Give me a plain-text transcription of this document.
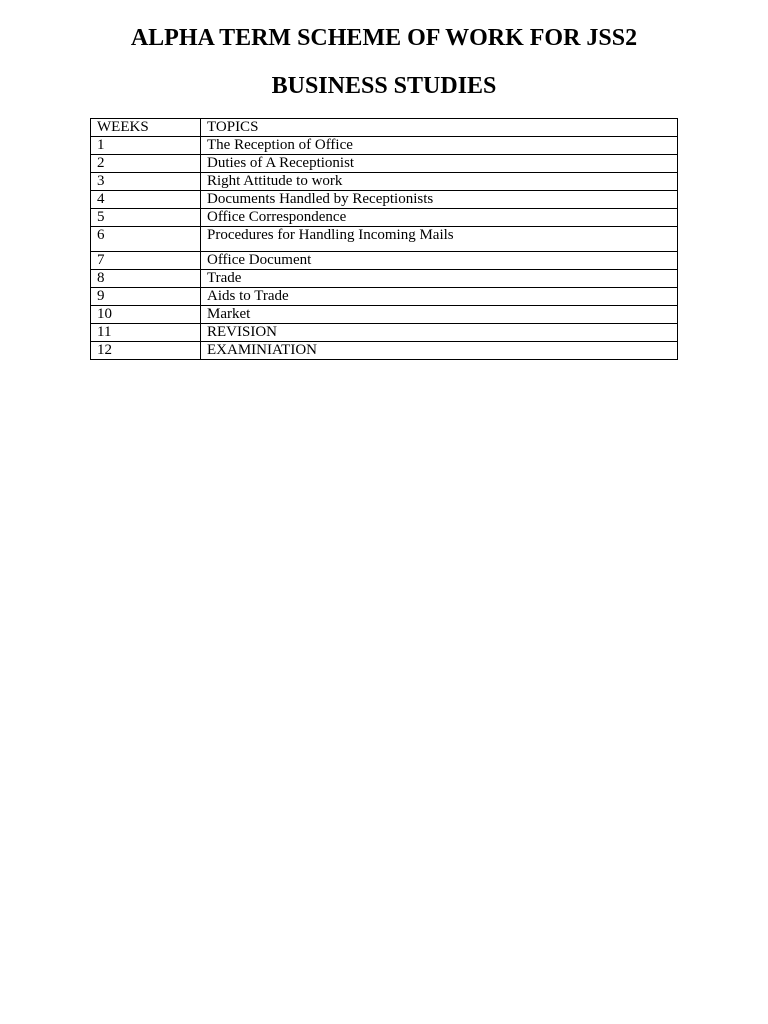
ALPHA TERM SCHEME OF WORK FOR JSS2
BUSINESS STUDIES
WEEKS	TOPICS
1	The Reception of Office
2	Duties of A Receptionist
3	Right Attitude to work
4	Documents Handled by Receptionists
5	Office Correspondence
6	Procedures for Handling Incoming Mails
7	Office Document
8	Trade
9	Aids to Trade
10	Market
11	REVISION
12	EXAMINIATION
